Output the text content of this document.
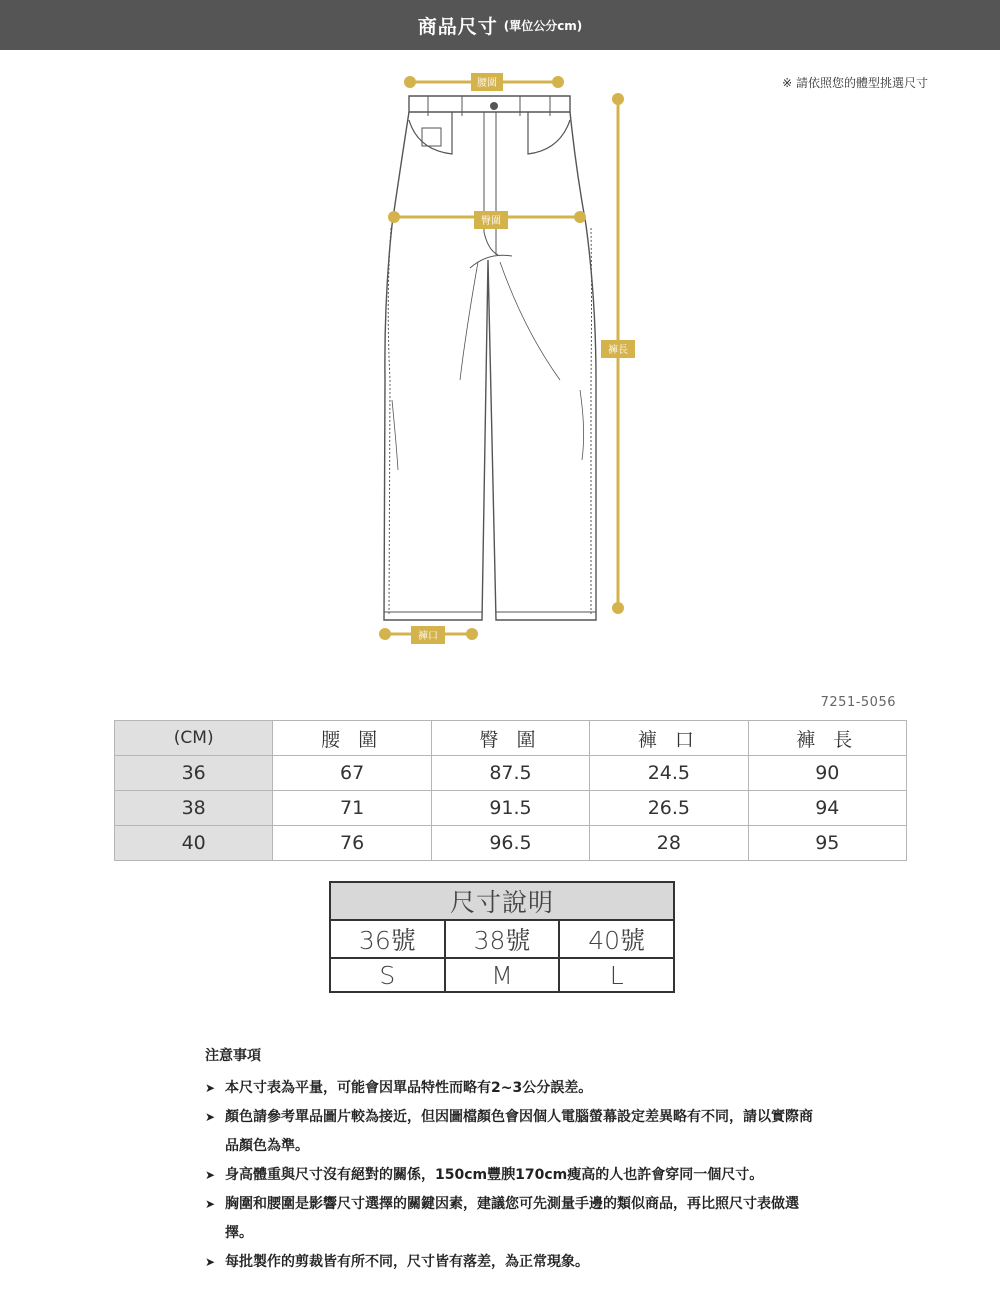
商品尺寸 (單位公分cm)
※ 請依照您的體型挑選尺寸
腰圍
臀圍
褲長
褲口
7251-5056
(CM)	腰 圍	臀 圍	褲 口	褲 長
36	67	87.5	24.5	90
38	71	91.5	26.5	94
40	76	96.5	28	95
尺寸說明		
36號	38號	40號
S	M	L
注意事項
➤ 本尺寸表為平量，可能會因單品特性而略有2~3公分誤差。
➤ 顏色請參考單品圖片較為接近，但因圖檔顏色會因個人電腦螢幕設定差異略有不同，請以實際商品顏色為準。
➤ 身高體重與尺寸沒有絕對的關係，150cm豐腴170cm瘦高的人也許會穿同一個尺寸。
➤ 胸圍和腰圍是影響尺寸選擇的關鍵因素，建議您可先測量手邊的類似商品，再比照尺寸表做選擇。
➤ 每批製作的剪裁皆有所不同，尺寸皆有落差，為正常現象。
